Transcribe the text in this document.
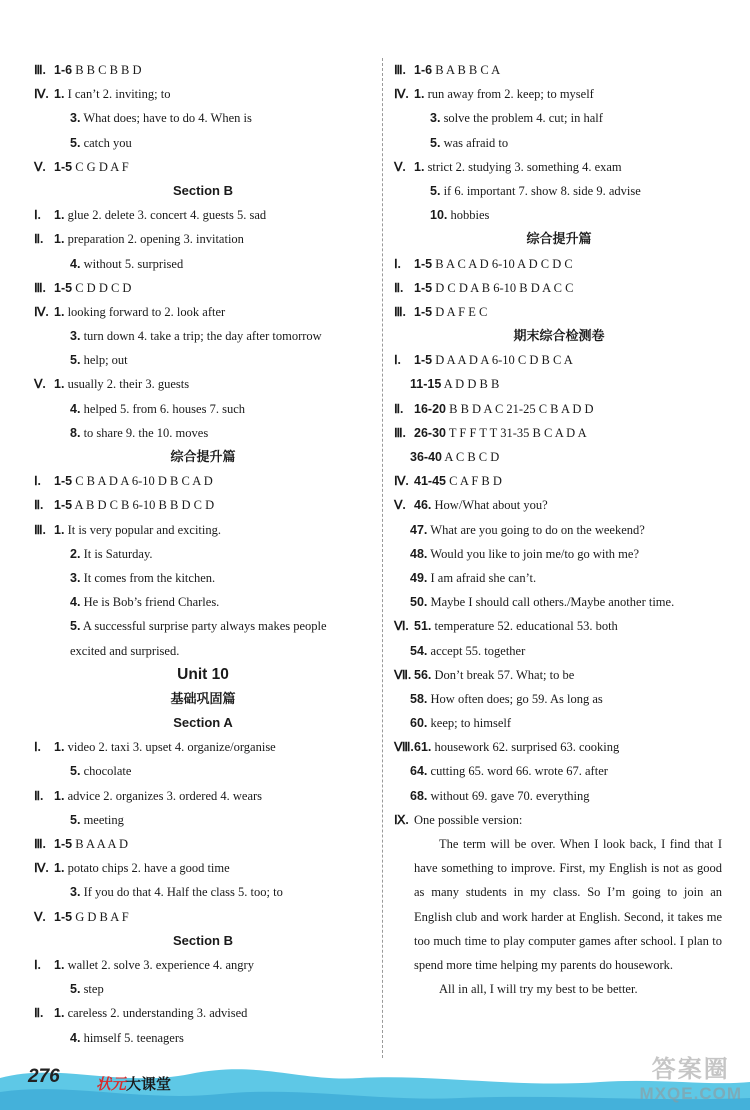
Ⅲ. 1-6 B B C B B D
Ⅳ. 1. I can’t 2. inviting; to
3. What does; have to do 4. When is
5. catch you
Ⅴ. 1-5 C G D A F
Section B
Ⅰ. 1. glue 2. delete 3. concert 4. guests 5. sad
Ⅱ. 1. preparation 2. opening 3. invitation
4. without 5. surprised
Ⅲ. 1-5 C D D C D
Ⅳ. 1. looking forward to 2. look after
3. turn down 4. take a trip; the day after tomorrow
5. help; out
Ⅴ. 1. usually 2. their 3. guests
4. helped 5. from 6. houses 7. such
8. to share 9. the 10. moves
综合提升篇
Ⅰ. 1-5 C B A D A 6-10 D B C A D
Ⅱ. 1-5 A B D C B 6-10 B B D C D
Ⅲ. 1. It is very popular and exciting.
2. It is Saturday.
3. It comes from the kitchen.
4. He is Bob’s friend Charles.
5. A successful surprise party always makes people
excited and surprised.
Unit 10
基础巩固篇
Section A
Ⅰ. 1. video 2. taxi 3. upset 4. organize/organise
5. chocolate
Ⅱ. 1. advice 2. organizes 3. ordered 4. wears
5. meeting
Ⅲ. 1-5 B A A A D
Ⅳ. 1. potato chips 2. have a good time
3. If you do that 4. Half the class 5. too; to
Ⅴ. 1-5 G D B A F
Section B
Ⅰ. 1. wallet 2. solve 3. experience 4. angry
5. step
Ⅱ. 1. careless 2. understanding 3. advised
4. himself 5. teenagers
Ⅲ. 1-6 B A B B C A
Ⅳ. 1. run away from 2. keep; to myself
3. solve the problem 4. cut; in half
5. was afraid to
Ⅴ. 1. strict 2. studying 3. something 4. exam
5. if 6. important 7. show 8. side 9. advise
10. hobbies
综合提升篇
Ⅰ. 1-5 B A C A D 6-10 A D C D C
Ⅱ. 1-5 D C D A B 6-10 B D A C C
Ⅲ. 1-5 D A F E C
期末综合检测卷
Ⅰ. 1-5 D A A D A 6-10 C D B C A
11-15 A D D B B
Ⅱ. 16-20 B B D A C 21-25 C B A D D
Ⅲ. 26-30 T F F T T 31-35 B C A D A
36-40 A C B C D
Ⅳ. 41-45 C A F B D
Ⅴ. 46. How/What about you?
47. What are you going to do on the weekend?
48. Would you like to join me/to go with me?
49. I am afraid she can’t.
50. Maybe I should call others./Maybe another time.
Ⅵ. 51. temperature 52. educational 53. both
54. accept 55. together
Ⅶ. 56. Don’t break 57. What; to be
58. How often does; go 59. As long as
60. keep; to himself
Ⅷ.61. housework 62. surprised 63. cooking
64. cutting 65. word 66. wrote 67. after
68. without 69. gave 70. everything
Ⅸ. One possible version:

The term will be over. When I look back, I find that I have something to improve. First, my English is not as good as many students in my class. So I’m going to join an English club and work harder at English. Second, it takes me too much time to play computer games after school. I plan to spend more time helping my parents do housework.

All in all, I will try my best to be better.

276 状元大课堂
答案圈
MXQE.COM
